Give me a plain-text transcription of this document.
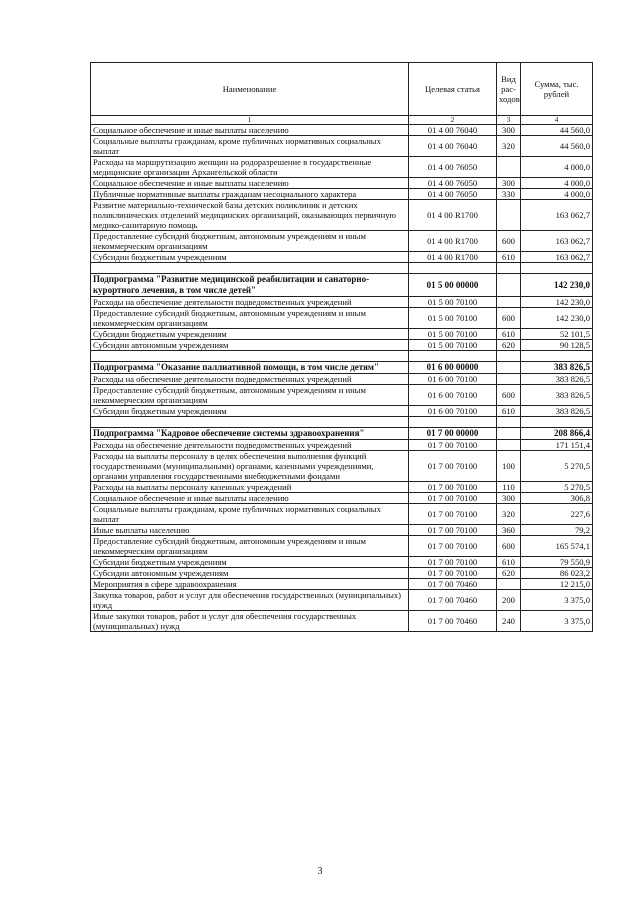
Наименование	Целевая статья	Вид рас-ходов	Сумма, тыс. рублей
1	2	3	4
Социальное обеспечение и иные выплаты населению	01 4 00 76040	300	44 560,0
Социальные выплаты гражданам, кроме публичных нормативных социальных выплат	01 4 00 76040	320	44 560,0
Расходы на маршрутизацию женщин на родоразрешение в государственные медицинские организации Архангельской области	01 4 00 76050		4 000,0
Социальное обеспечение и иные выплаты населению	01 4 00 76050	300	4 000,0
Публичные нормативные выплаты гражданам несоциального характера	01 4 00 76050	330	4 000,0
Развитие материально-технической базы детских поликлиник и детских поликлинических отделений медицинских организаций, оказывающих первичную медико-санитарную помощь	01 4 00 R1700		163 062,7
Предоставление субсидий бюджетным, автономным учреждениям и иным некоммерческим организациям	01 4 00 R1700	600	163 062,7
Субсидии бюджетным учреждениям	01 4 00 R1700	610	163 062,7

Подпрограмма "Развитие медицинской реабилитации и санаторно-курортного лечения, в том числе детей"	01 5 00 00000		142 230,0
Расходы на обеспечение деятельности подведомственных учреждений	01 5 00 70100		142 230,0
Предоставление субсидий бюджетным, автономным учреждениям и иным некоммерческим организациям	01 5 00 70100	600	142 230,0
Субсидии бюджетным учреждениям	01 5 00 70100	610	52 101,5
Субсидии автономным учреждениям	01 5 00 70100	620	90 128,5

Подпрограмма "Оказание паллиативной помощи, в том числе детям"	01 6 00 00000		383 826,5
Расходы на обеспечение деятельности подведомственных учреждений	01 6 00 70100		383 826,5
Предоставление субсидий бюджетным, автономным учреждениям и иным некоммерческим организациям	01 6 00 70100	600	383 826,5
Субсидии бюджетным учреждениям	01 6 00 70100	610	383 826,5

Подпрограмма "Кадровое обеспечение системы здравоохранения"	01 7 00 00000		208 866,4
Расходы на обеспечение деятельности подведомственных учреждений	01 7 00 70100		171 151,4
Расходы на выплаты персоналу в целях обеспечения выполнения функций государственными (муниципальными) органами, казенными учреждениями, органами управления государственными внебюджетными фондами	01 7 00 70100	100	5 270,5
Расходы на выплаты персоналу казенных учреждений	01 7 00 70100	110	5 270,5
Социальное обеспечение и иные выплаты населению	01 7 00 70100	300	306,8
Социальные выплаты гражданам, кроме публичных нормативных социальных выплат	01 7 00 70100	320	227,6
Иные выплаты населению	01 7 00 70100	360	79,2
Предоставление субсидий бюджетным, автономным учреждениям и иным некоммерческим организациям	01 7 00 70100	600	165 574,1
Субсидии бюджетным учреждениям	01 7 00 70100	610	79 550,9
Субсидии автономным учреждениям	01 7 00 70100	620	86 023,2
Мероприятия в сфере здравоохранения	01 7 00 70460		12 215,0
Закупка товаров, работ и услуг для обеспечения государственных (муниципальных) нужд	01 7 00 70460	200	3 375,0
Иные закупки товаров, работ и услуг для обеспечения государственных (муниципальных) нужд	01 7 00 70460	240	3 375,0
3
